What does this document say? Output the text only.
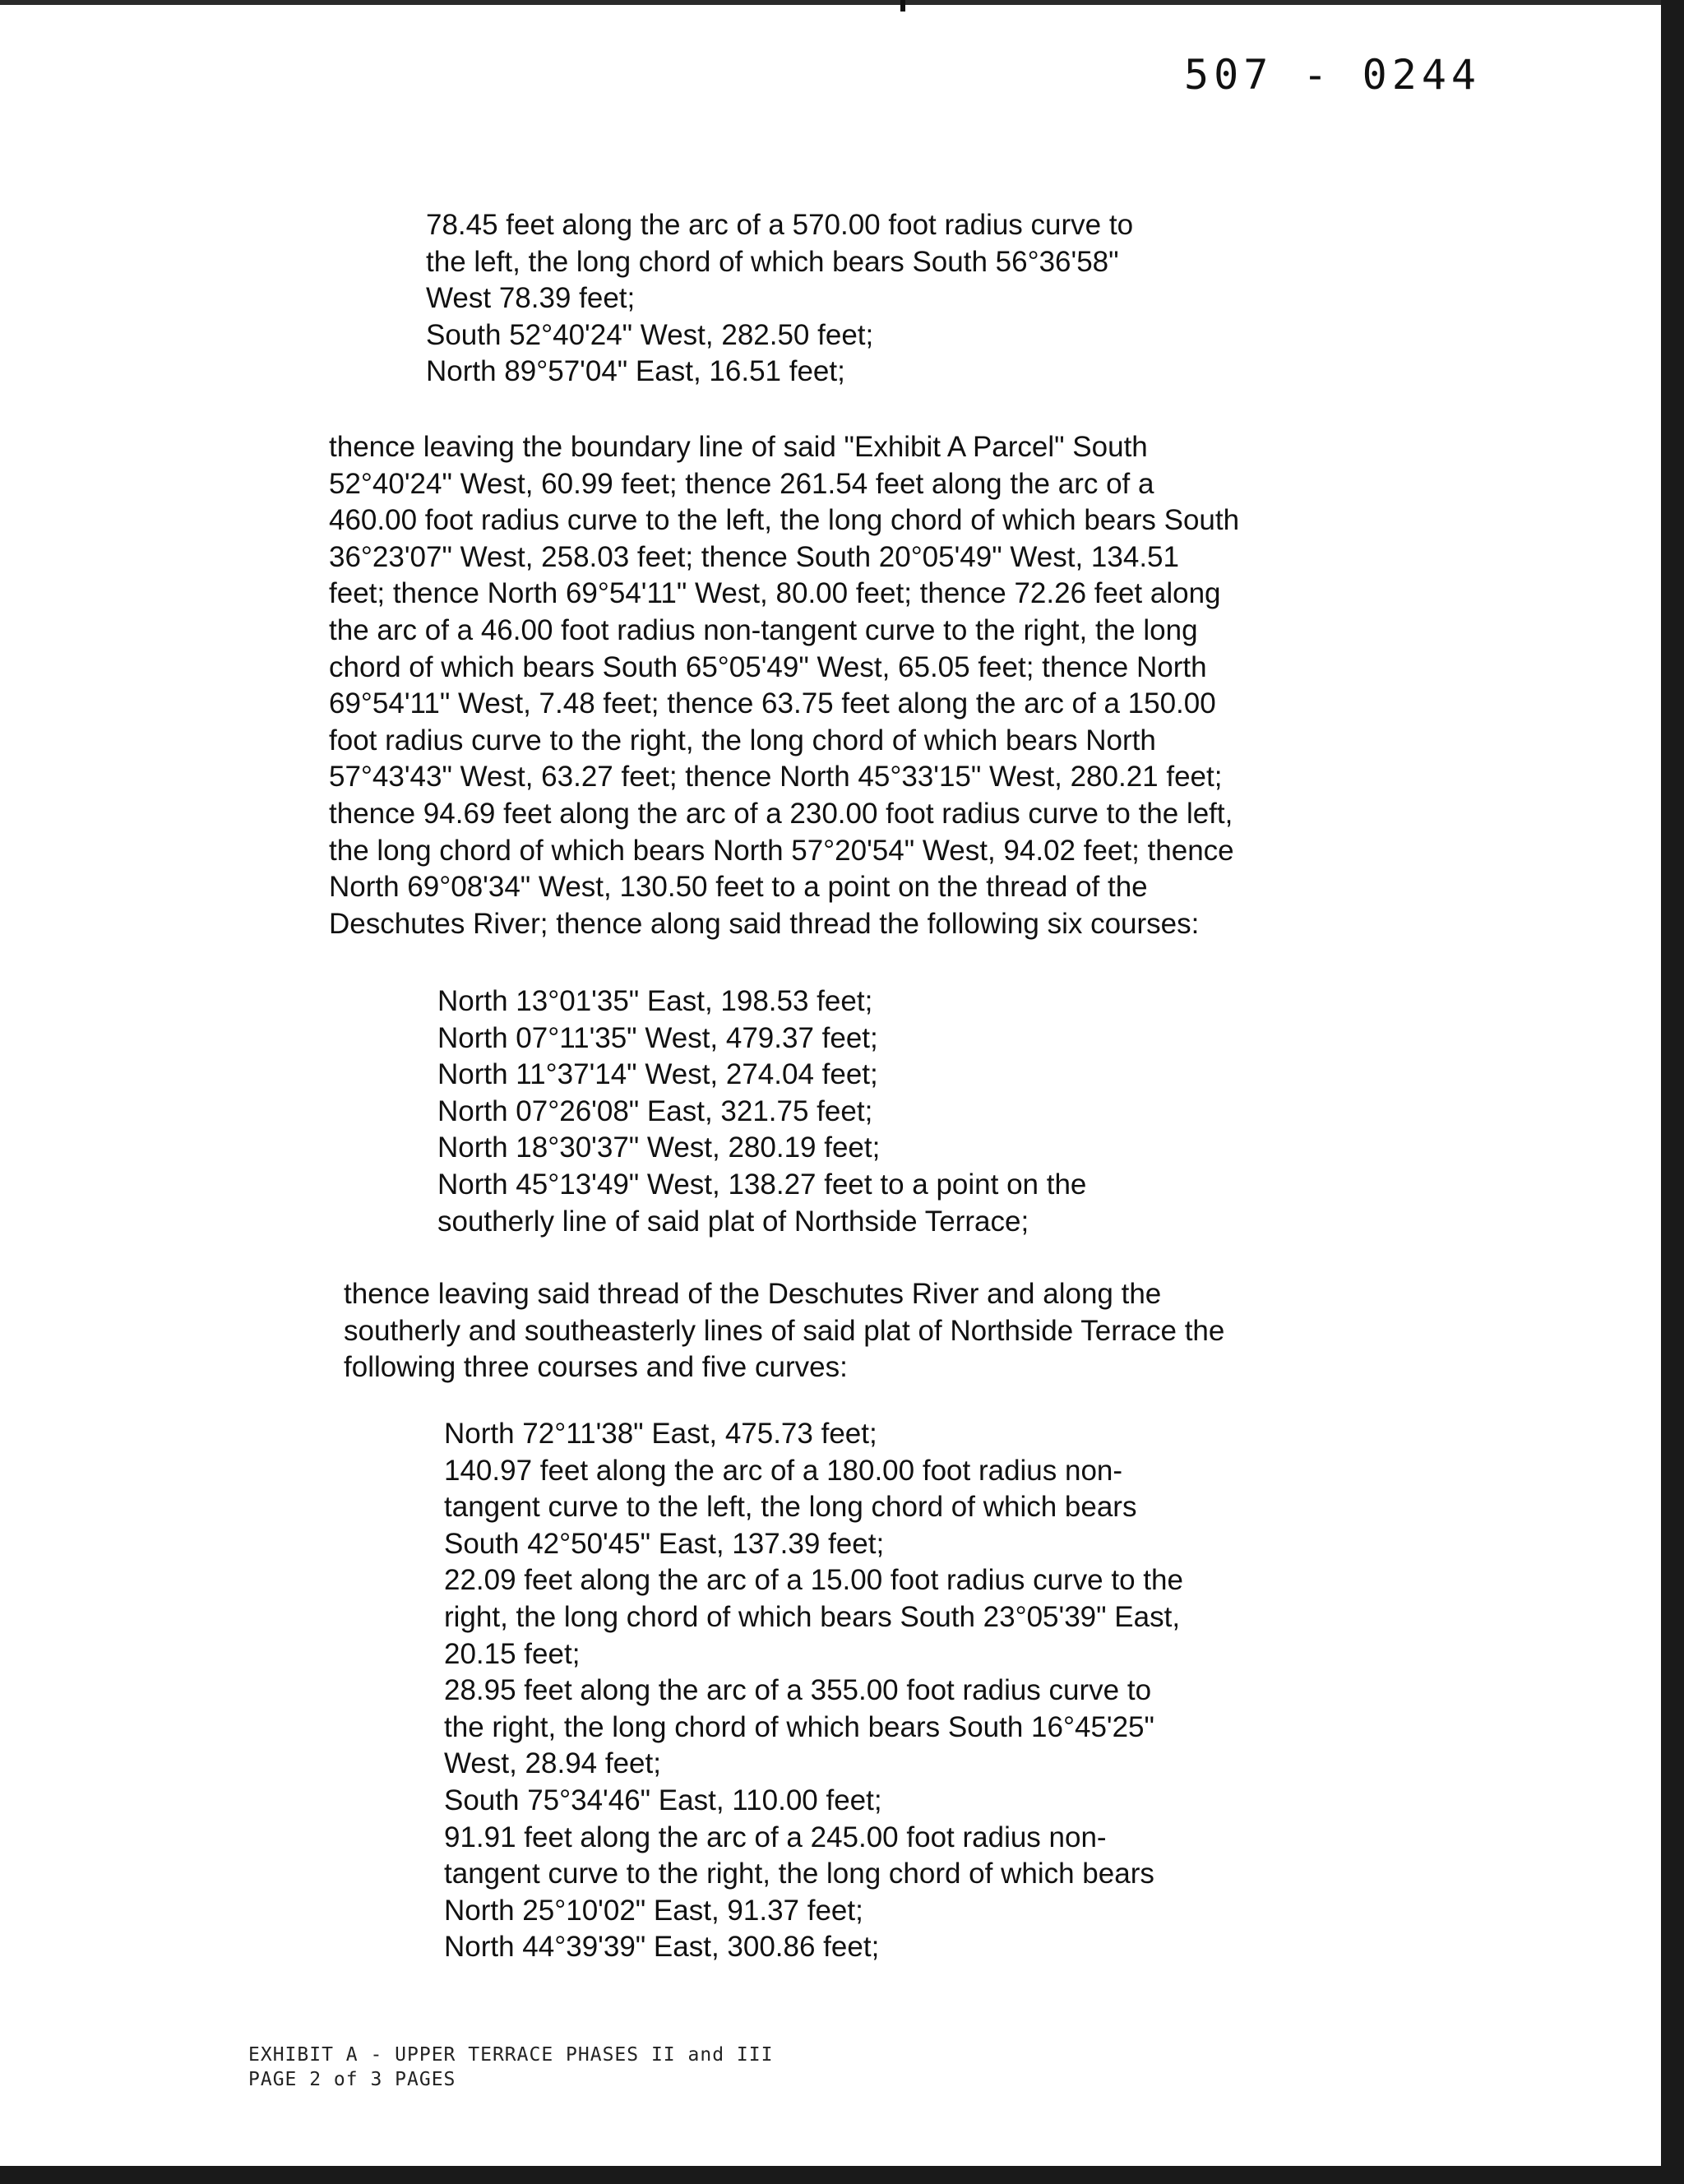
507 - 0244
78.45 feet along the arc of a 570.00 foot radius curve to
the left, the long chord of which bears South 56°36'58"
West 78.39 feet;
South 52°40'24" West, 282.50 feet;
North 89°57'04" East, 16.51 feet;
thence leaving the boundary line of said "Exhibit A Parcel" South
52°40'24" West, 60.99 feet; thence 261.54 feet along the arc of a
460.00 foot radius curve to the left, the long chord of which bears South
36°23'07" West, 258.03 feet; thence South 20°05'49" West, 134.51
feet; thence North 69°54'11" West, 80.00 feet; thence 72.26 feet along
the arc of a 46.00 foot radius non-tangent curve to the right, the long
chord of which bears South 65°05'49" West, 65.05 feet; thence North
69°54'11" West, 7.48 feet; thence 63.75 feet along the arc of a 150.00
foot radius curve to the right, the long chord of which bears North
57°43'43" West, 63.27 feet; thence North 45°33'15" West, 280.21 feet;
thence 94.69 feet along the arc of a 230.00 foot radius curve to the left,
the long chord of which bears North 57°20'54" West, 94.02 feet; thence
North 69°08'34" West, 130.50 feet to a point on the thread of the
Deschutes River; thence along said thread the following six courses:
North 13°01'35" East, 198.53 feet;
North 07°11'35" West, 479.37 feet;
North 11°37'14" West, 274.04 feet;
North 07°26'08" East, 321.75 feet;
North 18°30'37" West, 280.19 feet;
North 45°13'49" West, 138.27 feet to a point on the
southerly line of said plat of Northside Terrace;
thence leaving said thread of the Deschutes River and along the
southerly and southeasterly lines of said plat of Northside Terrace the
following three courses and five curves:
North 72°11'38" East, 475.73 feet;
140.97 feet along the arc of a 180.00 foot radius non-
tangent curve to the left, the long chord of which bears
South 42°50'45" East, 137.39 feet;
22.09 feet along the arc of a 15.00 foot radius curve to the
right, the long chord of which bears South 23°05'39" East,
20.15 feet;
28.95 feet along the arc of a 355.00 foot radius curve to
the right, the long chord of which bears South 16°45'25"
West, 28.94 feet;
South 75°34'46" East, 110.00 feet;
91.91 feet along the arc of a 245.00 foot radius non-
tangent curve to the right, the long chord of which bears
North 25°10'02" East, 91.37 feet;
North 44°39'39" East, 300.86 feet;
EXHIBIT A - UPPER TERRACE PHASES II and III
PAGE 2 of 3 PAGES
